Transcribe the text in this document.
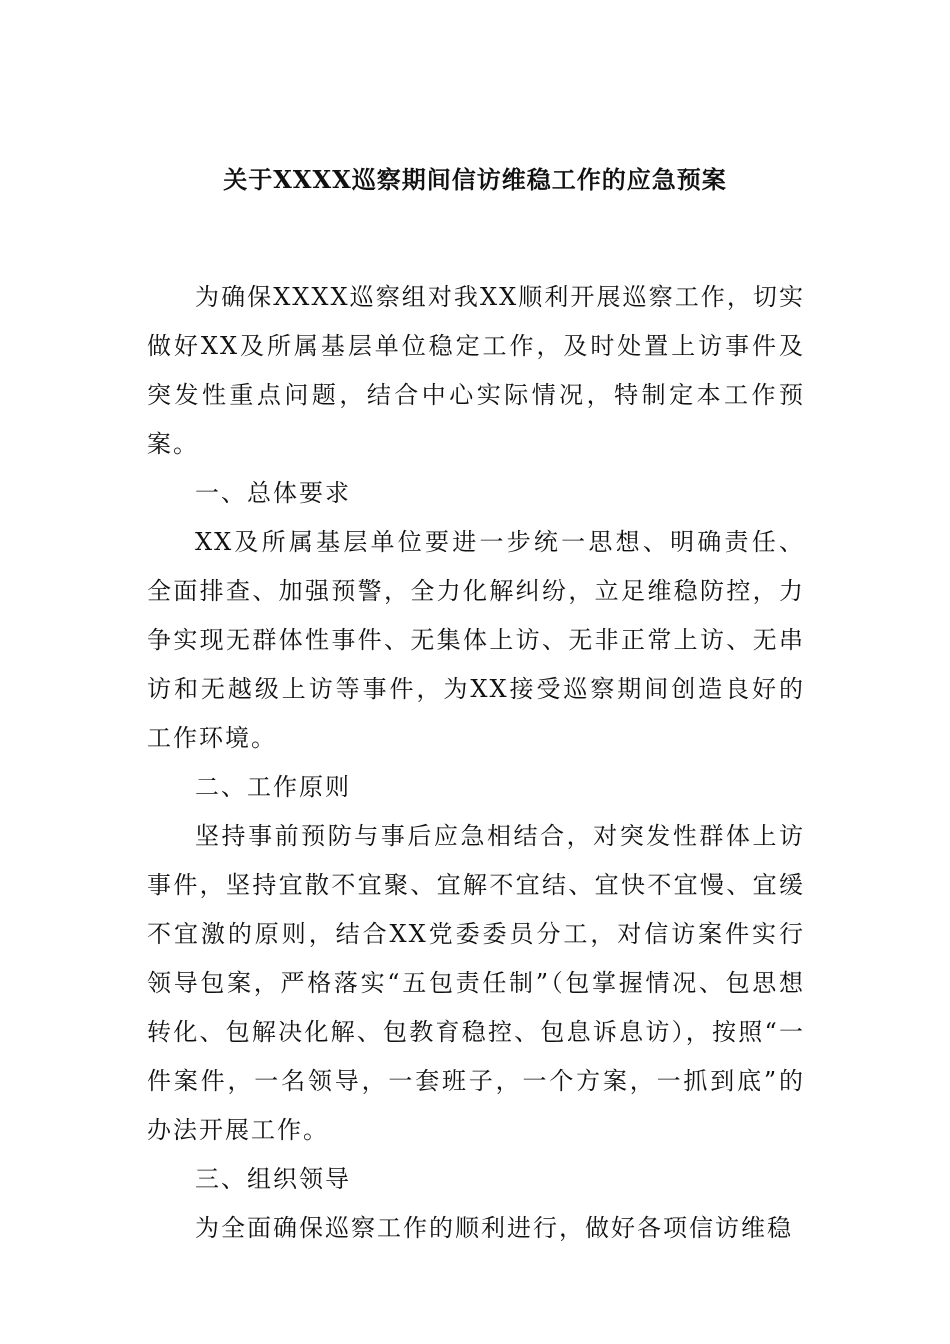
关于XXXX巡察期间信访维稳工作的应急预案

为确保XXXX巡察组对我XX顺利开展巡察工作，切实做好XX及所属基层单位稳定工作，及时处置上访事件及突发性重点问题，结合中心实际情况，特制定本工作预案。

一、总体要求

XX及所属基层单位要进一步统一思想、明确责任、全面排查、加强预警，全力化解纠纷，立足维稳防控，力争实现无群体性事件、无集体上访、无非正常上访、无串访和无越级上访等事件，为XX接受巡察期间创造良好的工作环境。

二、工作原则

坚持事前预防与事后应急相结合，对突发性群体上访事件，坚持宜散不宜聚、宜解不宜结、宜快不宜慢、宜缓不宜激的原则，结合XX党委委员分工，对信访案件实行领导包案，严格落实“五包责任制”（包掌握情况、包思想转化、包解决化解、包教育稳控、包息诉息访），按照“一件案件，一名领导，一套班子，一个方案，一抓到底”的办法开展工作。

三、组织领导

为全面确保巡察工作的顺利进行，做好各项信访维稳
